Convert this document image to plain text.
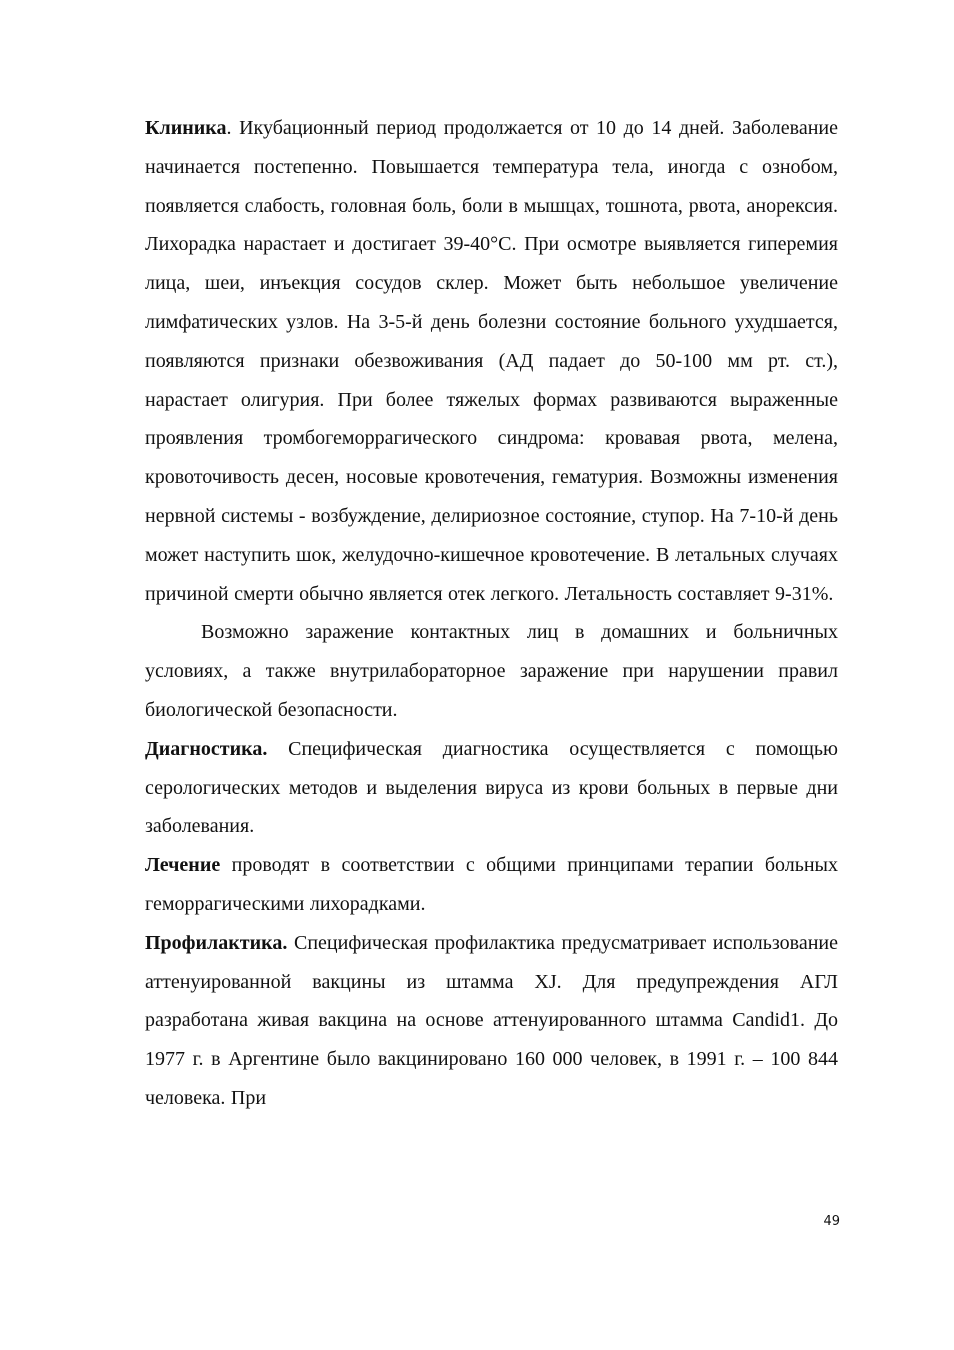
Клиника. Икубационный период продолжается от 10 до 14 дней. Заболевание начинается постепенно. Повышается температура тела, иногда с ознобом, появляется слабость, головная боль, боли в мышцах, тошнота, рвота, анорексия. Лихорадка нарастает и достигает 39-40°С. При осмотре выявляется гиперемия лица, шеи, инъекция сосудов склер. Может быть небольшое увеличение лимфатических узлов. На 3-5-й день болезни состояние больного ухудшается, появляются признаки обезвоживания (АД падает до 50-100 мм рт. ст.), нарастает олигурия. При более тяжелых формах развиваются выраженные проявления тромбогеморрагического синдрома: кровавая рвота, мелена, кровоточивость десен, носовые кровотечения, гематурия. Возможны изменения нервной системы - возбуждение, делириозное состояние, ступор. На 7-10-й день может наступить шок, желудочно-кишечное кровотечение. В летальных случаях причиной смерти обычно является отек легкого. Летальность составляет 9-31%.

Возможно заражение контактных лиц в домашних и больничных условиях, а также внутрилабораторное заражение при нарушении правил биологической безопасности.

Диагностика. Специфическая диагностика осуществляется с помощью серологических методов и выделения вируса из крови больных в первые дни заболевания.

Лечение проводят в соответствии с общими принципами терапии больных геморрагическими лихорадками.

Профилактика. Специфическая профилактика предусматривает использование аттенуированной вакцины из штамма XJ. Для предупреждения АГЛ разработана живая вакцина на основе аттенуированного штамма Candid1. До 1977 г. в Аргентине было вакцинировано 160 000 человек, в 1991 г. – 100 844 человека. При

49
